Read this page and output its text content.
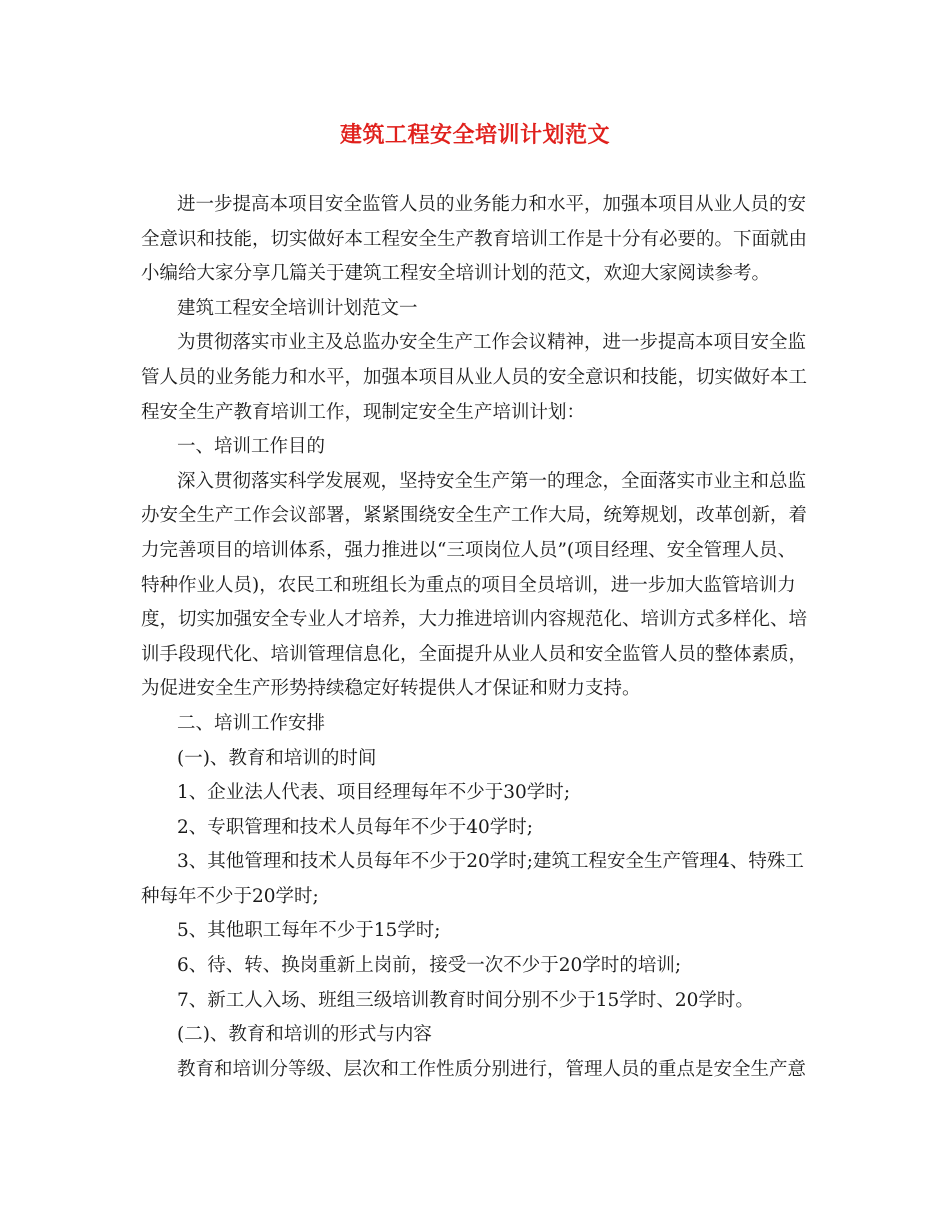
建筑工程安全培训计划范文
进一步提高本项目安全监管人员的业务能力和水平，加强本项目从业人员的安
全意识和技能，切实做好本工程安全生产教育培训工作是十分有必要的。下面就由
小编给大家分享几篇关于建筑工程安全培训计划的范文，欢迎大家阅读参考。
建筑工程安全培训计划范文一
为贯彻落实市业主及总监办安全生产工作会议精神，进一步提高本项目安全监
管人员的业务能力和水平，加强本项目从业人员的安全意识和技能，切实做好本工
程安全生产教育培训工作，现制定安全生产培训计划：
一、培训工作目的
深入贯彻落实科学发展观，坚持安全生产第一的理念，全面落实市业主和总监
办安全生产工作会议部署，紧紧围绕安全生产工作大局，统筹规划，改革创新，着
力完善项目的培训体系，强力推进以“三项岗位人员”(项目经理、安全管理人员、
特种作业人员)，农民工和班组长为重点的项目全员培训，进一步加大监管培训力
度，切实加强安全专业人才培养，大力推进培训内容规范化、培训方式多样化、培
训手段现代化、培训管理信息化，全面提升从业人员和安全监管人员的整体素质，
为促进安全生产形势持续稳定好转提供人才保证和财力支持。
二、培训工作安排
(一)、教育和培训的时间
1、企业法人代表、项目经理每年不少于30学时;
2、专职管理和技术人员每年不少于40学时;
3、其他管理和技术人员每年不少于20学时;建筑工程安全生产管理4、特殊工
种每年不少于20学时;
5、其他职工每年不少于15学时;
6、待、转、换岗重新上岗前，接受一次不少于20学时的培训;
7、新工人入场、班组三级培训教育时间分别不少于15学时、20学时。
(二)、教育和培训的形式与内容
教育和培训分等级、层次和工作性质分别进行，管理人员的重点是安全生产意
